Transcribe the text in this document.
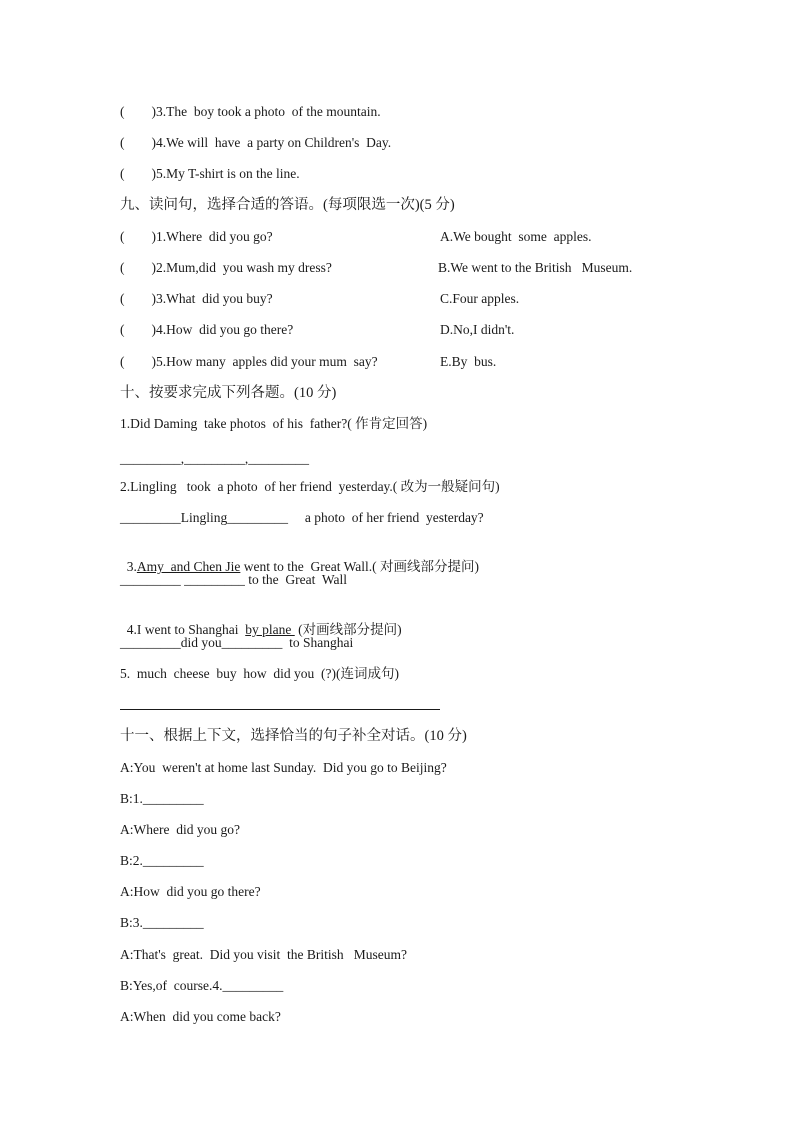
(        )3.The  boy took a photo  of the mountain.
(        )4.We will  have  a party on Children's  Day.
(        )5.My T-shirt is on the line.
九、读问句，选择合适的答语。(每项限选一次)(5 分)
(        )1.Where  did you go?	A.We bought  some  apples.
(        )2.Mum,did  you wash my dress?	B.We went to the British   Museum.
(        )3.What  did you buy?	C.Four apples.
(        )4.How  did you go there?	D.No,I didn't.
(        )5.How many  apples did your mum  say?	E.By  bus.
十、按要求完成下列各题。(10 分)
1.Did Daming  take photos  of his  father?( 作肯定回答)
_________,_________,_________
2.Lingling   took  a photo  of her friend  yesterday.( 改为一般疑问句)
_________Lingling_________     a photo  of her friend  yesterday?

3.Amy  and Chen Jie went to the  Great Wall.( 对画线部分提问)

_________ _________ to the  Great  Wall

4.I went to Shanghai  by plane  (对画线部分提问)

_________did you_________  to Shanghai
5.  much  cheese  buy  how  did you  (?)(连词成句)
十一、根据上下文，选择恰当的句子补全对话。(10 分)
A:You  weren't at home last Sunday.  Did you go to Beijing?
B:1._________
A:Where  did you go?
B:2._________
A:How  did you go there?
B:3._________
A:That's  great.  Did you visit  the British   Museum?
B:Yes,of  course.4._________
A:When  did you come back?
